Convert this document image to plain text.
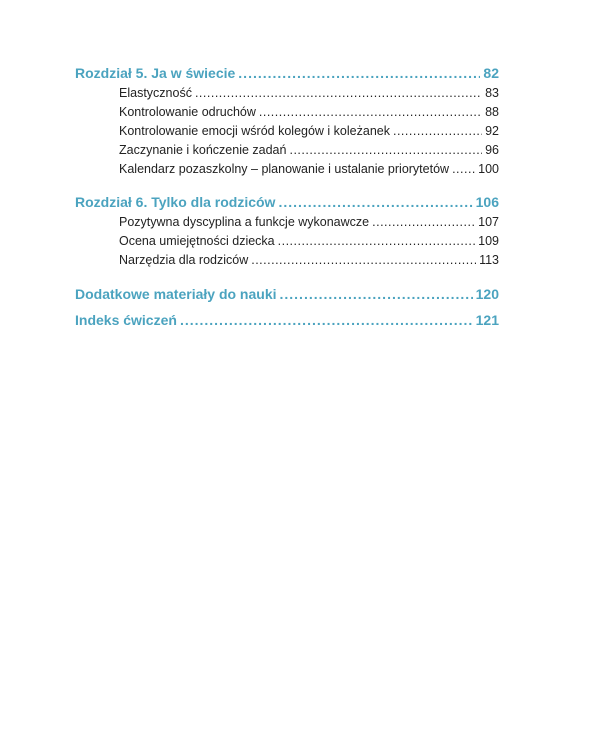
Rozdział 5. Ja w świecie .....	82
Elastyczność .....	83
Kontrolowanie odruchów .....	88
Kontrolowanie emocji wśród kolegów i koleżanek .....	92
Zaczynanie i kończenie zadań .....	96
Kalendarz pozaszkolny – planowanie i ustalanie priorytetów ..... 100
Rozdział 6. Tylko dla rodziców .....	106
Pozytywna dyscyplina a funkcje wykonawcze .....	107
Ocena umiejętności dziecka .....	109
Narzędzia dla rodziców .....	113
Dodatkowe materiały do nauki .....	120
Indeks ćwiczeń .....	121
